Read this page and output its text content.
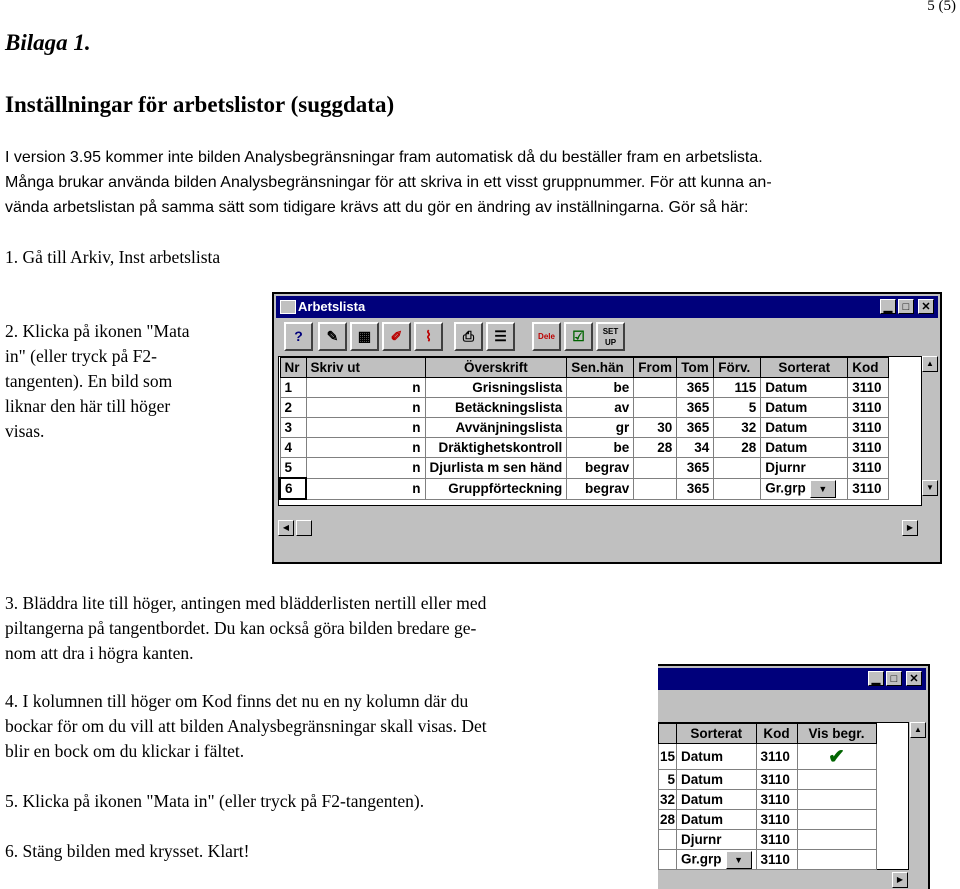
5 (5)
Bilaga 1.
Inställningar för arbetslistor (suggdata)
I version 3.95 kommer inte bilden Analysbegränsningar fram automatisk då du beställer fram en arbetslista.
Många brukar använda bilden Analysbegränsningar för att skriva in ett visst gruppnummer. För att kunna an-
vända arbetslistan på samma sätt som tidigare krävs att du gör en ändring av inställningarna. Gör så här:
1. Gå till Arkiv, Inst arbetslista
2. Klicka på ikonen "Mata
in" (eller tryck på F2-
tangenten). En bild som
liknar den här till höger
visas.
Arbetslista	▁ □	✕
?	✎	▦	✐	⌇	⎙	☰	Dele	☑	SET
UP
Nr	Skriv ut	Överskrift	Sen.hän	From	Tom	Förv.	Sorterat	Kod
1	n	Grisningslista	be		365	115	Datum	3110
2	n	Betäckningslista	av		365	5	Datum	3110
3	n	Avvänjningslista	gr	30	365	32	Datum	3110
4	n	Dräktighetskontroll	be	28	34	28	Datum	3110
5	n	Djurlista m sen händ	begrav		365		Djurnr	3110
6	n	Gruppförteckning	begrav		365		Gr.grp ▼	3110
▲
▼
◀	▶
3. Bläddra lite till höger, antingen med blädderlisten nertill eller med
piltangerna på tangentbordet. Du kan också göra bilden bredare ge-
nom att dra i högra kanten.
4. I kolumnen till höger om Kod finns det nu en ny kolumn där du
bockar för om du vill att bilden Analysbegränsningar skall visas. Det
blir en bock om du klickar i fältet.
5. Klicka på ikonen "Mata in" (eller tryck på F2-tangenten).
6. Stäng bilden med krysset. Klart!
▁ □	✕
	Sorterat	Kod	Vis begr.
15	Datum	3110	✔
5	Datum	3110	
32	Datum	3110	
28	Datum	3110	
	Djurnr	3110	
	Gr.grp ▼	3110	
▲
▶
